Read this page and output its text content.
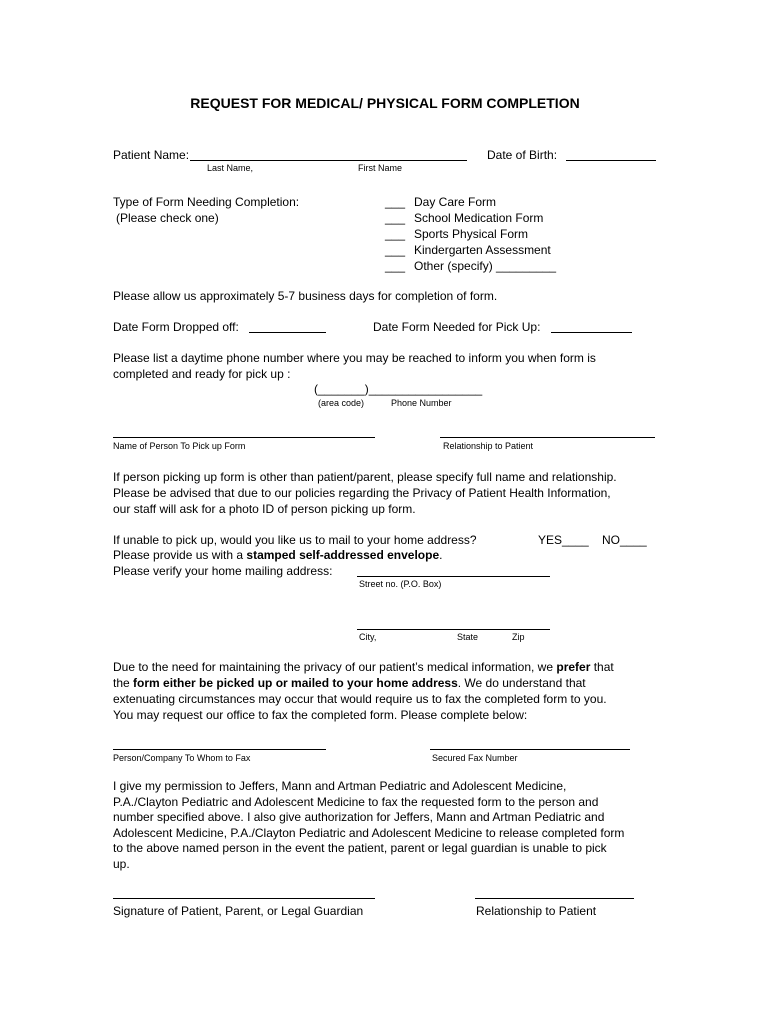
REQUEST FOR MEDICAL/ PHYSICAL FORM COMPLETION
Patient Name:
Last Name,	First Name
Date of Birth:
Type of Form Needing Completion:
(Please check one)
___ Day Care Form
___ School Medication Form
___ Sports Physical Form
___ Kindergarten Assessment
___ Other (specify) _________
Please allow us approximately 5-7 business days for completion of form.
Date Form Dropped off:	Date Form Needed for Pick Up:
Please list a daytime phone number where you may be reached to inform you when form is
completed and ready for pick up :
(_______)_________________
(area code)	Phone Number
Name of Person To Pick up Form	Relationship to Patient
If person picking up form is other than patient/parent, please specify full name and relationship.
Please be advised that due to our policies regarding the Privacy of Patient Health Information,
our staff will ask for a photo ID of person picking up form.
If unable to pick up, would you like us to mail to your home address?	YES____ NO____
Please provide us with a stamped self-addressed envelope.
Please verify your home mailing address:
Street no. (P.O. Box)
City,	State	Zip
Due to the need for maintaining the privacy of our patient’s medical information, we prefer that
the form either be picked up or mailed to your home address. We do understand that
extenuating circumstances may occur that would require us to fax the completed form to you.
You may request our office to fax the completed form. Please complete below:
Person/Company To Whom to Fax	Secured Fax Number
I give my permission to Jeffers, Mann and Artman Pediatric and Adolescent Medicine,
P.A./Clayton Pediatric and Adolescent Medicine to fax the requested form to the person and
number specified above. I also give authorization for Jeffers, Mann and Artman Pediatric and
Adolescent Medicine, P.A./Clayton Pediatric and Adolescent Medicine to release completed form
to the above named person in the event the patient, parent or legal guardian is unable to pick
up.
Signature of Patient, Parent, or Legal Guardian	Relationship to Patient
